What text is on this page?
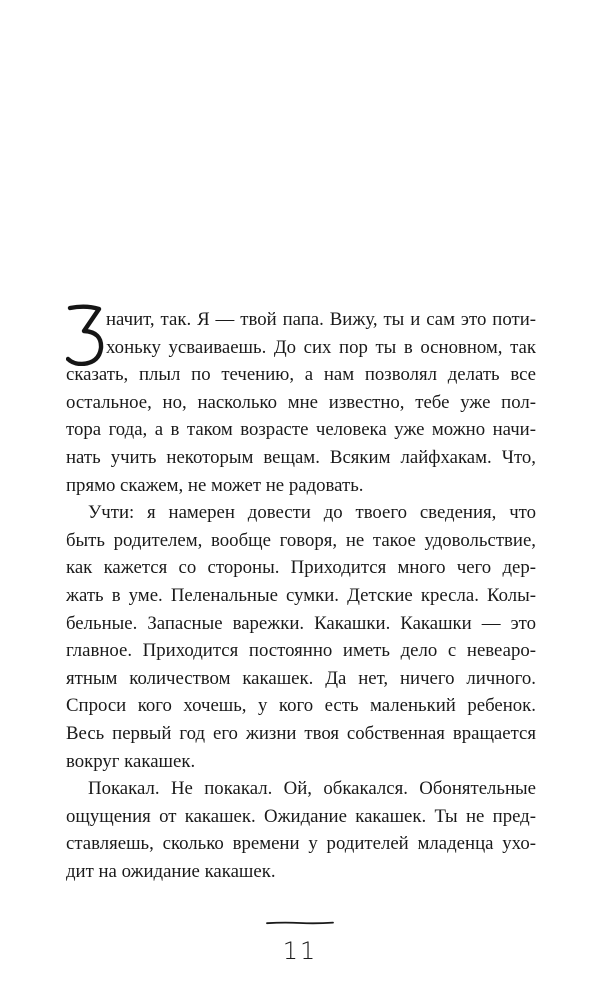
начит, так. Я — твой папа. Вижу, ты и сам это поти-
хоньку усваиваешь. До сих пор ты в основном, так
сказать, плыл по течению, а нам позволял делать все
остальное, но, насколько мне известно, тебе уже пол-
тора года, а в таком возрасте человека уже можно начи-
нать учить некоторым вещам. Всяким лайфхакам. Что,
прямо скажем, не может не радовать.
Учти: я намерен довести до твоего сведения, что
быть родителем, вообще говоря, не такое удовольствие,
как кажется со стороны. Приходится много чего дер-
жать в уме. Пеленальные сумки. Детские кресла. Колы-
бельные. Запасные варежки. Какашки. Какашки — это
главное. Приходится постоянно иметь дело с невеаро-
ятным количеством какашек. Да нет, ничего личного.
Спроси кого хочешь, у кого есть маленький ребенок.
Весь первый год его жизни твоя собственная вращается
вокруг какашек.
Покакал. Не покакал. Ой, обкакался. Обонятельные
ощущения от какашек. Ожидание какашек. Ты не пред-
ставляешь, сколько времени у родителей младенца ухо-
дит на ожидание какашек.
11
